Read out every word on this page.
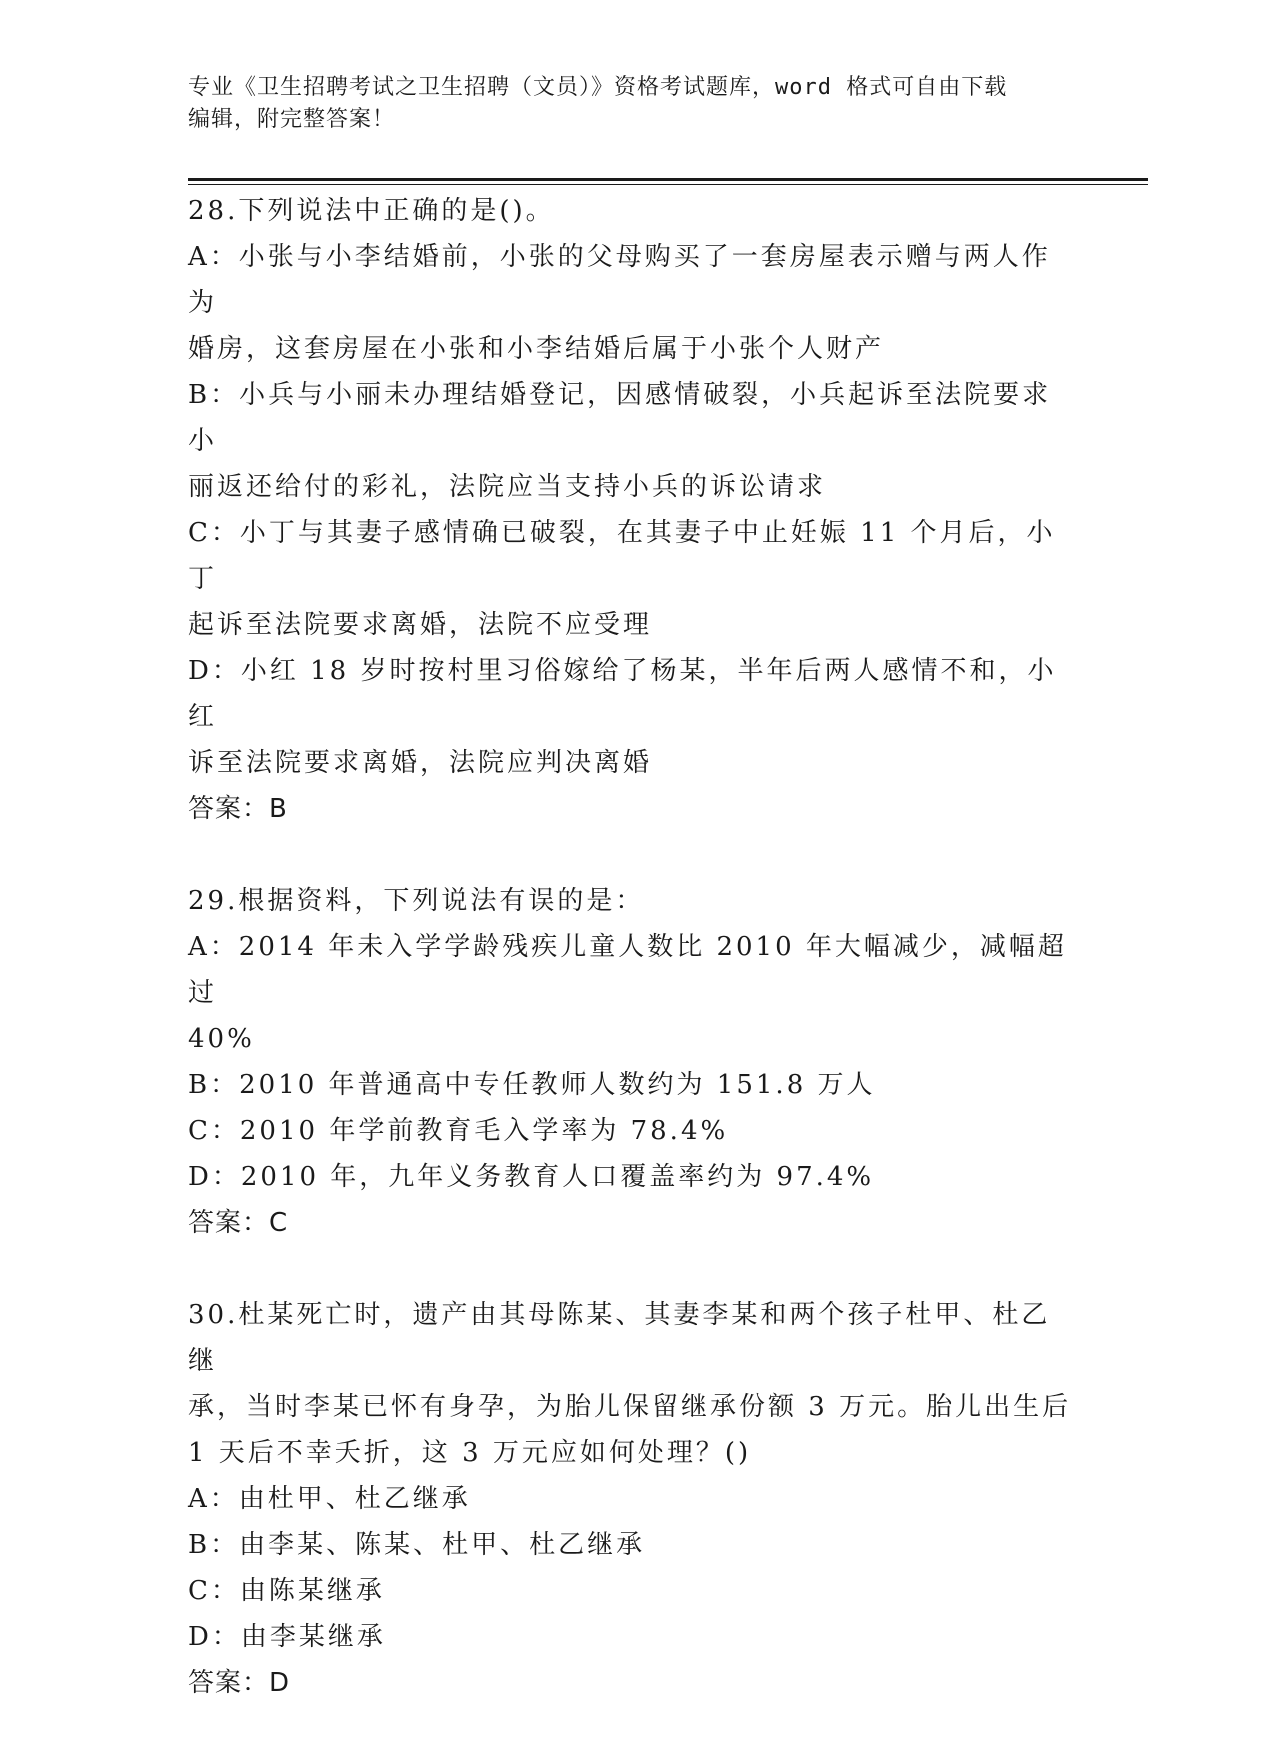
专业《卫生招聘考试之卫生招聘（文员）》资格考试题库，word 格式可自由下载
编辑，附完整答案！
28.下列说法中正确的是()。
A：小张与小李结婚前，小张的父母购买了一套房屋表示赠与两人作为
婚房，这套房屋在小张和小李结婚后属于小张个人财产
B：小兵与小丽未办理结婚登记，因感情破裂，小兵起诉至法院要求小
丽返还给付的彩礼，法院应当支持小兵的诉讼请求
C：小丁与其妻子感情确已破裂，在其妻子中止妊娠 11 个月后，小丁
起诉至法院要求离婚，法院不应受理
D：小红 18 岁时按村里习俗嫁给了杨某，半年后两人感情不和，小红
诉至法院要求离婚，法院应判决离婚
答案：B
29.根据资料，下列说法有误的是：
A：2014 年未入学学龄残疾儿童人数比 2010 年大幅减少，减幅超过
40%
B：2010 年普通高中专任教师人数约为 151.8 万人
C：2010 年学前教育毛入学率为 78.4%
D：2010 年，九年义务教育人口覆盖率约为 97.4%
答案：C
30.杜某死亡时，遗产由其母陈某、其妻李某和两个孩子杜甲、杜乙继
承，当时李某已怀有身孕，为胎儿保留继承份额 3 万元。胎儿出生后
1 天后不幸夭折，这 3 万元应如何处理？()
A：由杜甲、杜乙继承
B：由李某、陈某、杜甲、杜乙继承
C：由陈某继承
D：由李某继承
答案：D
